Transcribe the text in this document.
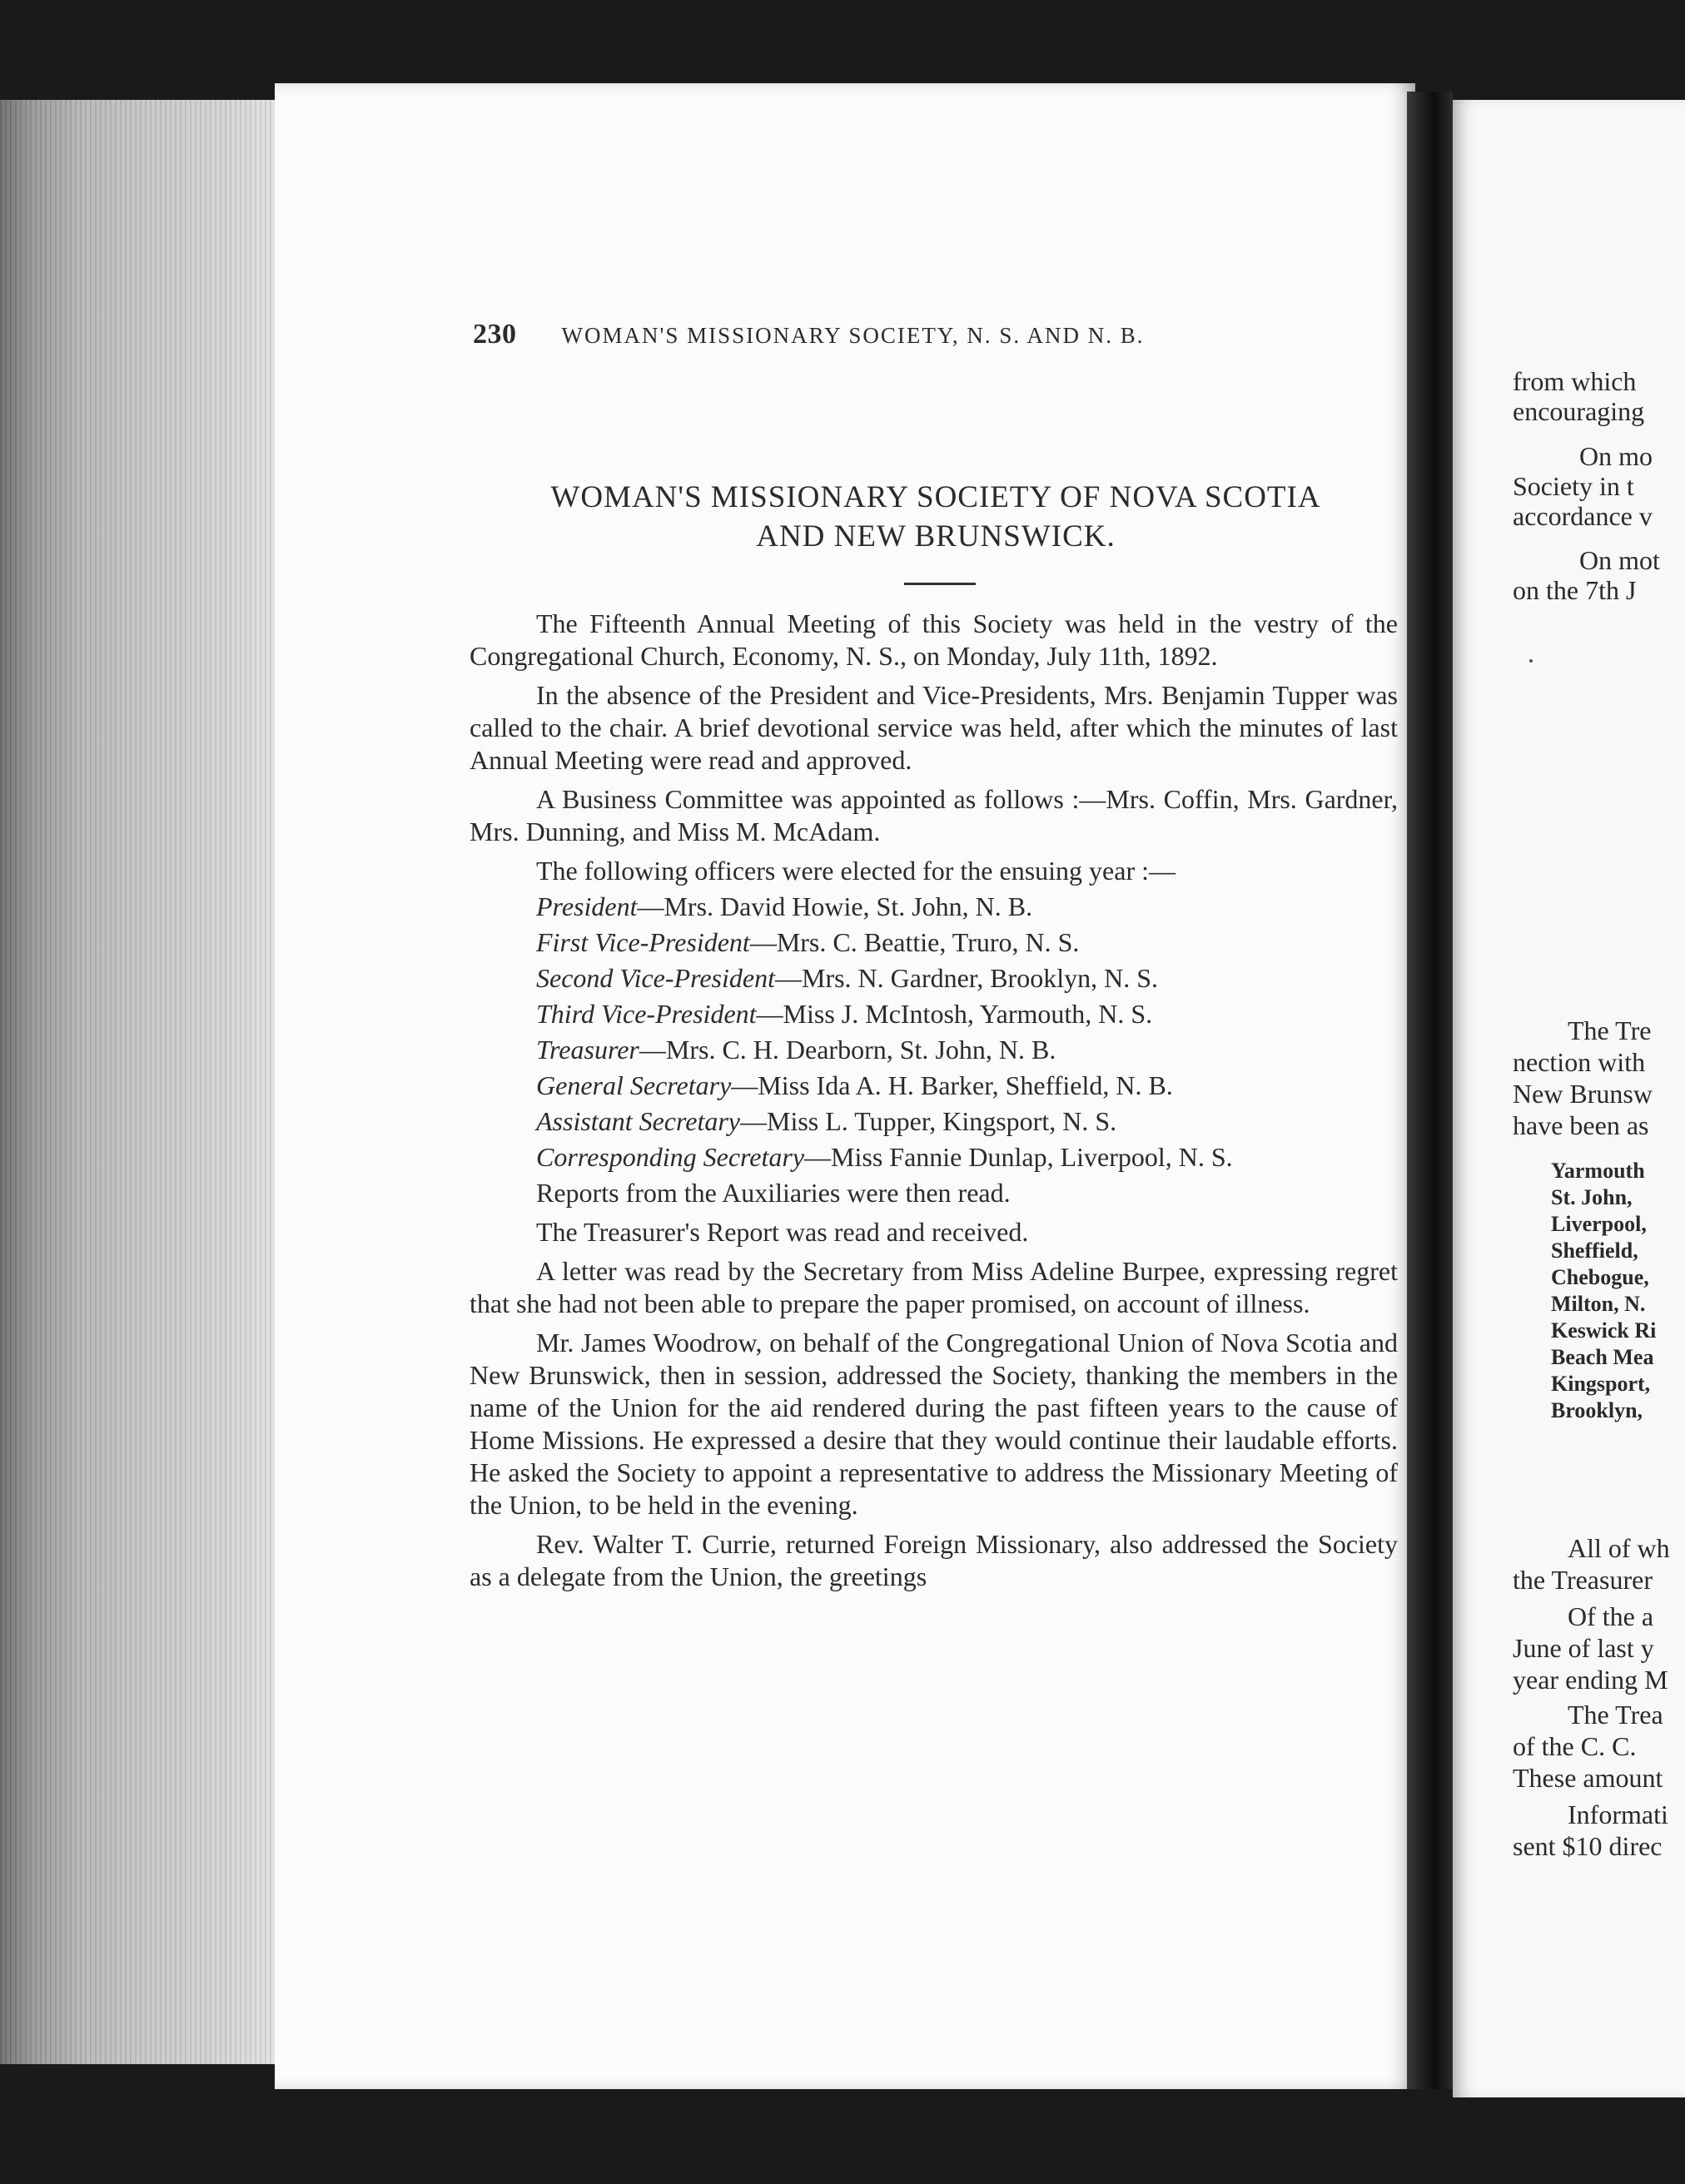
230 WOMAN'S MISSIONARY SOCIETY, N. S. AND N. B.
WOMAN'S MISSIONARY SOCIETY OF NOVA SCOTIA
AND NEW BRUNSWICK.

The Fifteenth Annual Meeting of this Society was held in the vestry of the Congregational Church, Economy, N. S., on Monday, July 11th, 1892.

In the absence of the President and Vice-Presidents, Mrs. Benjamin Tupper was called to the chair. A brief devotional service was held, after which the minutes of last Annual Meeting were read and approved.

A Business Committee was appointed as follows :—Mrs. Coffin, Mrs. Gardner, Mrs. Dunning, and Miss M. McAdam.

The following officers were elected for the ensuing year :—

President—Mrs. David Howie, St. John, N. B.

First Vice-President—Mrs. C. Beattie, Truro, N. S.

Second Vice-President—Mrs. N. Gardner, Brooklyn, N. S.

Third Vice-President—Miss J. McIntosh, Yarmouth, N. S.

Treasurer—Mrs. C. H. Dearborn, St. John, N. B.

General Secretary—Miss Ida A. H. Barker, Sheffield, N. B.

Assistant Secretary—Miss L. Tupper, Kingsport, N. S.

Corresponding Secretary—Miss Fannie Dunlap, Liverpool, N. S.

Reports from the Auxiliaries were then read.

The Treasurer's Report was read and received.

A letter was read by the Secretary from Miss Adeline Burpee, expressing regret that she had not been able to prepare the paper promised, on account of illness.

Mr. James Woodrow, on behalf of the Congregational Union of Nova Scotia and New Brunswick, then in session, addressed the Society, thanking the members in the name of the Union for the aid rendered during the past fifteen years to the cause of Home Missions. He expressed a desire that they would continue their laudable efforts. He asked the Society to appoint a representative to address the Missionary Meeting of the Union, to be held in the evening.

Rev. Walter T. Currie, returned Foreign Missionary, also addressed the Society as a delegate from the Union, the greetings

from which
encouraging
On mo
Society in t
accordance v
On mot
on the 7th J
The Tre
nection with
New Brunsw
have been as
Yarmouth
St. John,
Liverpool,
Sheffield,
Chebogue,
Milton, N.
Keswick Ri
Beach Mea
Kingsport,
Brooklyn,
All of wh
the Treasurer
Of the a
June of last y
year ending M
The Trea
of the C. C.
These amount
Informati
sent $10 direc
